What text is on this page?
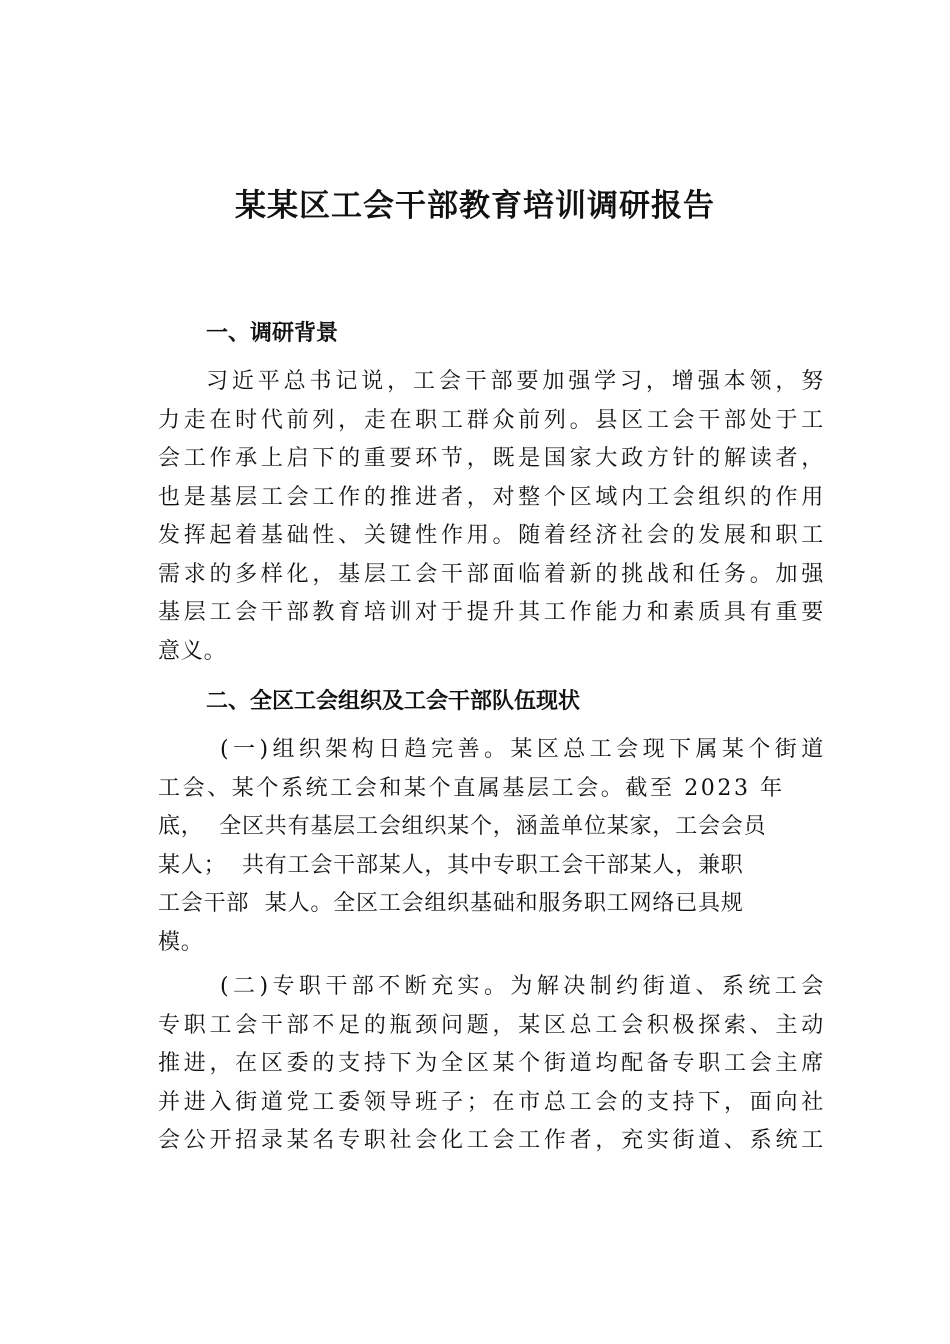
某某区工会干部教育培训调研报告
一、调研背景
习近平总书记说，工会干部要加强学习，增强本领，努
力走在时代前列，走在职工群众前列。县区工会干部处于工
会工作承上启下的重要环节，既是国家大政方针的解读者，
也是基层工会工作的推进者，对整个区域内工会组织的作用
发挥起着基础性、关键性作用。随着经济社会的发展和职工
需求的多样化，基层工会干部面临着新的挑战和任务。加强
基层工会干部教育培训对于提升其工作能力和素质具有重要
意义。
二、全区工会组织及工会干部队伍现状
(一)组织架构日趋完善。某区总工会现下属某个街道
工会、某个系统工会和某个直属基层工会。截至 2023 年
底，  全区共有基层工会组织某个，涵盖单位某家，工会会员
某人；  共有工会干部某人，其中专职工会干部某人，兼职
工会干部  某人。全区工会组织基础和服务职工网络已具规
模。
(二)专职干部不断充实。为解决制约街道、系统工会
专职工会干部不足的瓶颈问题，某区总工会积极探索、主动
推进，在区委的支持下为全区某个街道均配备专职工会主席
并进入街道党工委领导班子；在市总工会的支持下，面向社
会公开招录某名专职社会化工会工作者，充实街道、系统工
